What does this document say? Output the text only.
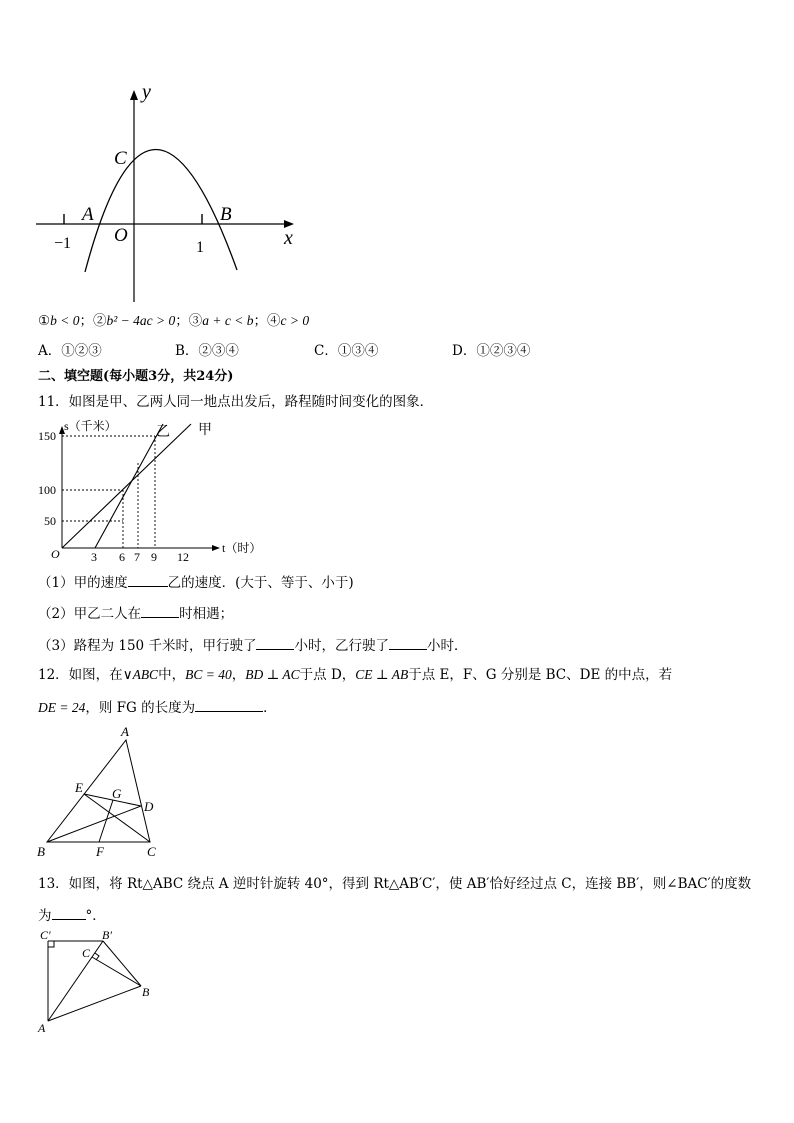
y
x
C
A	B
O
−1	1
①b < 0；②b² − 4ac > 0；③a + c < b；④c > 0
A．①②③	B．②③④	C．①③④	D．①②③④
二、填空题(每小题3分，共24分)
11．如图是甲、乙两人同一地点出发后，路程随时间变化的图象．
s（千米）
t（时）
乙 甲
O
150
100
50
3 6 7 9 12
（1）甲的速度	乙的速度．(大于、等于、小于)
（2）甲乙二人在	时相遇；
（3）路程为 150 千米时，甲行驶了	小时，乙行驶了	小时．
12．如图，在∨ABC中，BC = 40，BD ⊥ AC于点 D，CE ⊥ AB于点 E，F、G 分别是 BC、DE 的中点，若
DE = 24，则 FG 的长度为	．
A
B	C
D
E
F
G
13．如图，将 Rt△ABC 绕点 A 逆时针旋转 40°，得到 Rt△AB′C′，使 AB′恰好经过点 C，连接 BB′，则∠BAC′的度数
为	°．
C′	B′
C
B
A
